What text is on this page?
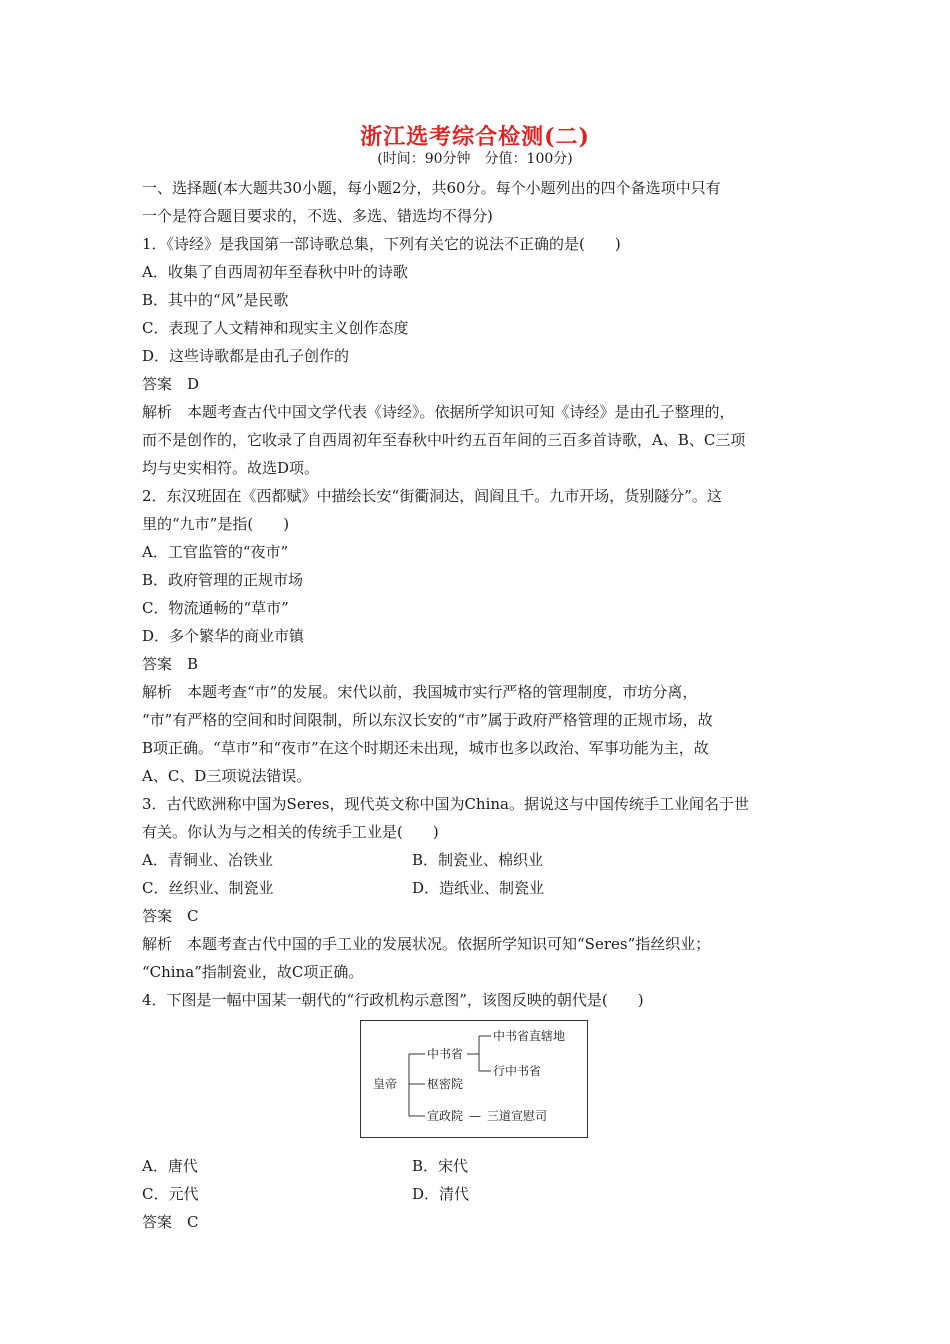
浙江选考综合检测(二)
(时间：90分钟　分值：100分)

一、选择题(本大题共30小题，每小题2分，共60分。每个小题列出的四个备选项中只有

一个是符合题目要求的，不选、多选、错选均不得分)

1．《诗经》是我国第一部诗歌总集，下列有关它的说法不正确的是(　　)

A．收集了自西周初年至春秋中叶的诗歌

B．其中的“风”是民歌

C．表现了人文精神和现实主义创作态度

D．这些诗歌都是由孔子创作的

答案　D

解析　本题考查古代中国文学代表《诗经》。依据所学知识可知《诗经》是由孔子整理的，

而不是创作的，它收录了自西周初年至春秋中叶约五百年间的三百多首诗歌，A、B、C三项

均与史实相符。故选D项。

2．东汉班固在《西都赋》中描绘长安“街衢洞达，闾阎且千。九市开场，货别隧分”。这

里的“九市”是指(　　)

A．工官监管的“夜市”

B．政府管理的正规市场

C．物流通畅的“草市”

D．多个繁华的商业市镇

答案　B

解析　本题考查“市”的发展。宋代以前，我国城市实行严格的管理制度，市坊分离，

“市”有严格的空间和时间限制，所以东汉长安的“市”属于政府严格管理的正规市场，故

B项正确。“草市”和“夜市”在这个时期还未出现，城市也多以政治、军事功能为主，故

A、C、D三项说法错误。

3．古代欧洲称中国为Seres，现代英文称中国为China。据说这与中国传统手工业闻名于世

有关。你认为与之相关的传统手工业是(　　)

A．青铜业、冶铁业	B．制瓷业、棉织业
C．丝织业、制瓷业	D．造纸业、制瓷业

答案　C

解析　本题考查古代中国的手工业的发展状况。依据所学知识可知“Seres”指丝织业；

“China”指制瓷业，故C项正确。

4．下图是一幅中国某一朝代的“行政机构示意图”，该图反映的朝代是(　　)

皇帝
中书省
中书省直辖地
行中书省
枢密院
宣政院 — 三道宣慰司
A．唐代	B．宋代
C．元代	D．清代

答案　C
